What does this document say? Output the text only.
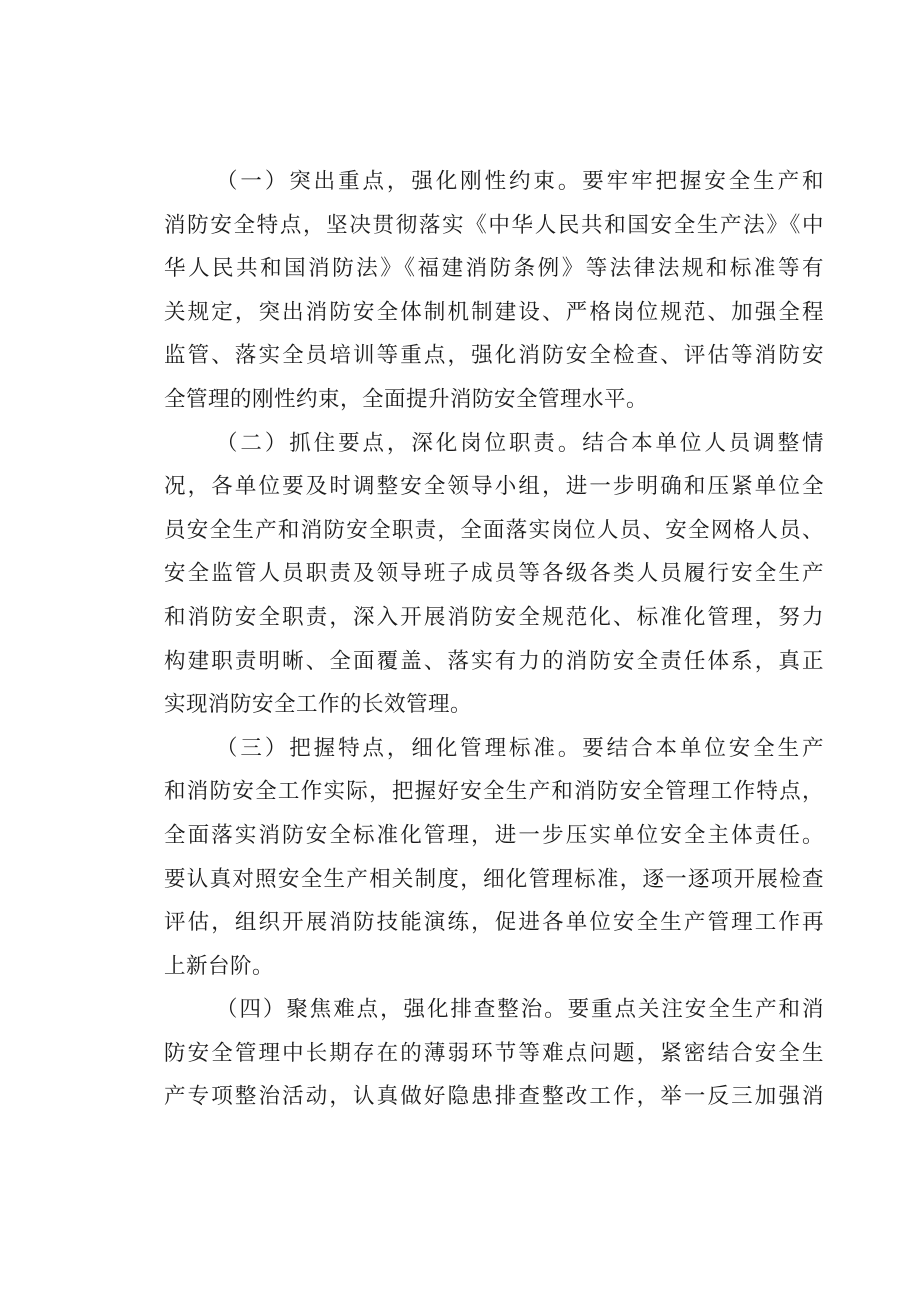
（一）突出重点，强化刚性约束。要牢牢把握安全生产和
消防安全特点，坚决贯彻落实《中华人民共和国安全生产法》《中
华人民共和国消防法》《福建消防条例》等法律法规和标准等有
关规定，突出消防安全体制机制建设、严格岗位规范、加强全程
监管、落实全员培训等重点，强化消防安全检查、评估等消防安
全管理的刚性约束，全面提升消防安全管理水平。
（二）抓住要点，深化岗位职责。结合本单位人员调整情
况，各单位要及时调整安全领导小组，进一步明确和压紧单位全
员安全生产和消防安全职责，全面落实岗位人员、安全网格人员、
安全监管人员职责及领导班子成员等各级各类人员履行安全生产
和消防安全职责，深入开展消防安全规范化、标准化管理，努力
构建职责明晰、全面覆盖、落实有力的消防安全责任体系，真正
实现消防安全工作的长效管理。
（三）把握特点，细化管理标准。要结合本单位安全生产
和消防安全工作实际，把握好安全生产和消防安全管理工作特点，
全面落实消防安全标准化管理，进一步压实单位安全主体责任。
要认真对照安全生产相关制度，细化管理标准，逐一逐项开展检查
评估，组织开展消防技能演练，促进各单位安全生产管理工作再
上新台阶。
（四）聚焦难点，强化排查整治。要重点关注安全生产和消
防安全管理中长期存在的薄弱环节等难点问题，紧密结合安全生
产专项整治活动，认真做好隐患排查整改工作，举一反三加强消
